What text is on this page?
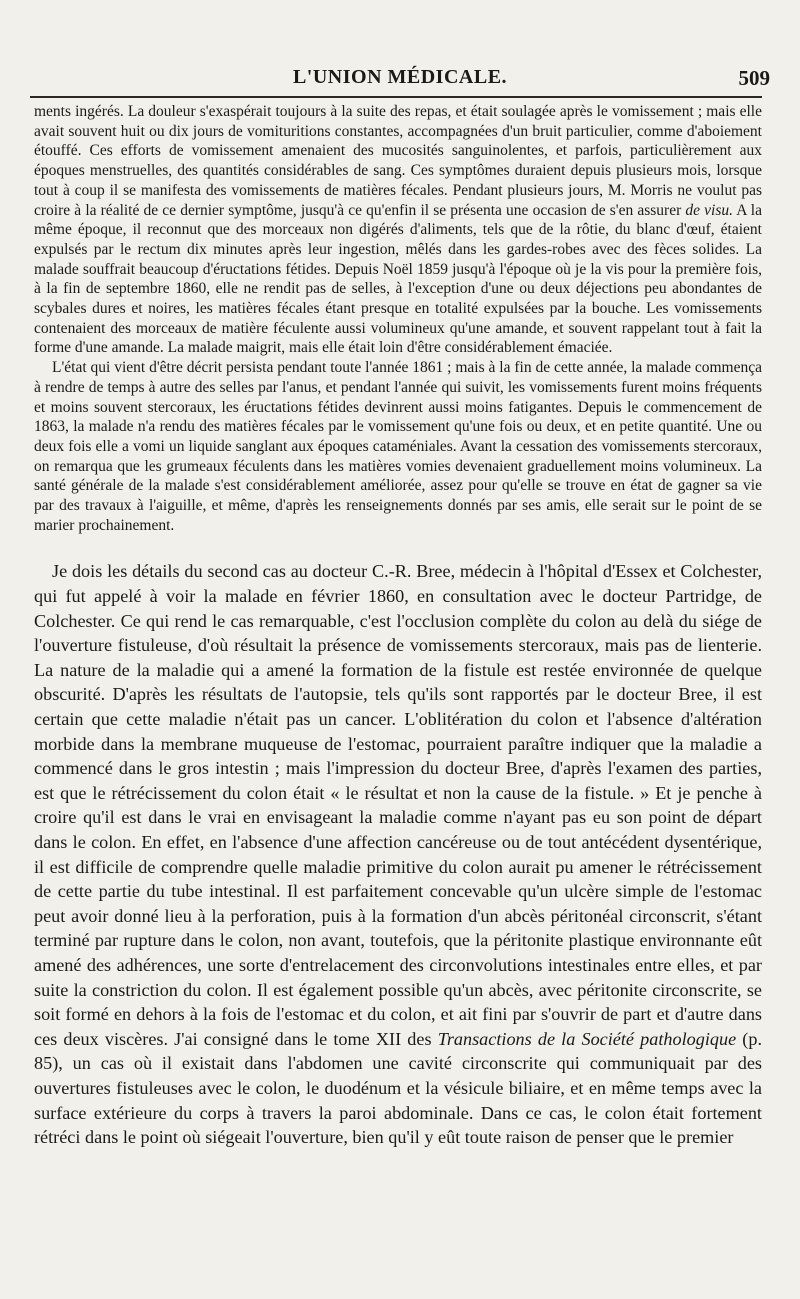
L'UNION MÉDICALE.	509

ments ingérés. La douleur s'exaspérait toujours à la suite des repas, et était soulagée après le vomissement ; mais elle avait souvent huit ou dix jours de vomituritions constantes, accompagnées d'un bruit particulier, comme d'aboiement étouffé. Ces efforts de vomissement amenaient des mucosités sanguinolentes, et parfois, particulièrement aux époques menstruelles, des quantités considérables de sang. Ces symptômes duraient depuis plusieurs mois, lorsque tout à coup il se manifesta des vomissements de matières fécales. Pendant plusieurs jours, M. Morris ne voulut pas croire à la réalité de ce dernier symptôme, jusqu'à ce qu'enfin il se présenta une occasion de s'en assurer de visu. A la même époque, il reconnut que des morceaux non digérés d'aliments, tels que de la rôtie, du blanc d'œuf, étaient expulsés par le rectum dix minutes après leur ingestion, mêlés dans les gardes-robes avec des fèces solides. La malade souffrait beaucoup d'éructations fétides. Depuis Noël 1859 jusqu'à l'époque où je la vis pour la première fois, à la fin de septembre 1860, elle ne rendit pas de selles, à l'exception d'une ou deux déjections peu abondantes de scybales dures et noires, les matières fécales étant presque en totalité expulsées par la bouche. Les vomissements contenaient des morceaux de matière féculente aussi volumineux qu'une amande, et souvent rappelant tout à fait la forme d'une amande. La malade maigrit, mais elle était loin d'être considérablement émaciée.

L'état qui vient d'être décrit persista pendant toute l'année 1861 ; mais à la fin de cette année, la malade commença à rendre de temps à autre des selles par l'anus, et pendant l'année qui suivit, les vomissements furent moins fréquents et moins souvent stercoraux, les éructations fétides devinrent aussi moins fatigantes. Depuis le commencement de 1863, la malade n'a rendu des matières fécales par le vomissement qu'une fois ou deux, et en petite quantité. Une ou deux fois elle a vomi un liquide sanglant aux époques cataméniales. Avant la cessation des vomissements stercoraux, on remarqua que les grumeaux féculents dans les matières vomies devenaient graduellement moins volumineux. La santé générale de la malade s'est considérablement améliorée, assez pour qu'elle se trouve en état de gagner sa vie par des travaux à l'aiguille, et même, d'après les renseignements donnés par ses amis, elle serait sur le point de se marier prochainement.

Je dois les détails du second cas au docteur C.-R. Bree, médecin à l'hôpital d'Essex et Colchester, qui fut appelé à voir la malade en février 1860, en consultation avec le docteur Partridge, de Colchester. Ce qui rend le cas remarquable, c'est l'occlusion complète du colon au delà du siége de l'ouverture fistuleuse, d'où résultait la présence de vomissements stercoraux, mais pas de lienterie. La nature de la maladie qui a amené la formation de la fistule est restée environnée de quelque obscurité. D'après les résultats de l'autopsie, tels qu'ils sont rapportés par le docteur Bree, il est certain que cette maladie n'était pas un cancer. L'oblitération du colon et l'absence d'altération morbide dans la membrane muqueuse de l'estomac, pourraient paraître indiquer que la maladie a commencé dans le gros intestin ; mais l'impression du docteur Bree, d'après l'examen des parties, est que le rétrécissement du colon était « le résultat et non la cause de la fistule. » Et je penche à croire qu'il est dans le vrai en envisageant la maladie comme n'ayant pas eu son point de départ dans le colon. En effet, en l'absence d'une affection cancéreuse ou de tout antécédent dysentérique, il est difficile de comprendre quelle maladie primitive du colon aurait pu amener le rétrécissement de cette partie du tube intestinal. Il est parfaitement concevable qu'un ulcère simple de l'estomac peut avoir donné lieu à la perforation, puis à la formation d'un abcès péritonéal circonscrit, s'étant terminé par rupture dans le colon, non avant, toutefois, que la péritonite plastique environnante eût amené des adhérences, une sorte d'entrelacement des circonvolutions intestinales entre elles, et par suite la constriction du colon. Il est également possible qu'un abcès, avec péritonite circonscrite, se soit formé en dehors à la fois de l'estomac et du colon, et ait fini par s'ouvrir de part et d'autre dans ces deux viscères. J'ai consigné dans le tome XII des Transactions de la Société pathologique (p. 85), un cas où il existait dans l'abdomen une cavité circonscrite qui communiquait par des ouvertures fistuleuses avec le colon, le duodénum et la vésicule biliaire, et en même temps avec la surface extérieure du corps à travers la paroi abdominale. Dans ce cas, le colon était fortement rétréci dans le point où siégeait l'ouverture, bien qu'il y eût toute raison de penser que le premier
